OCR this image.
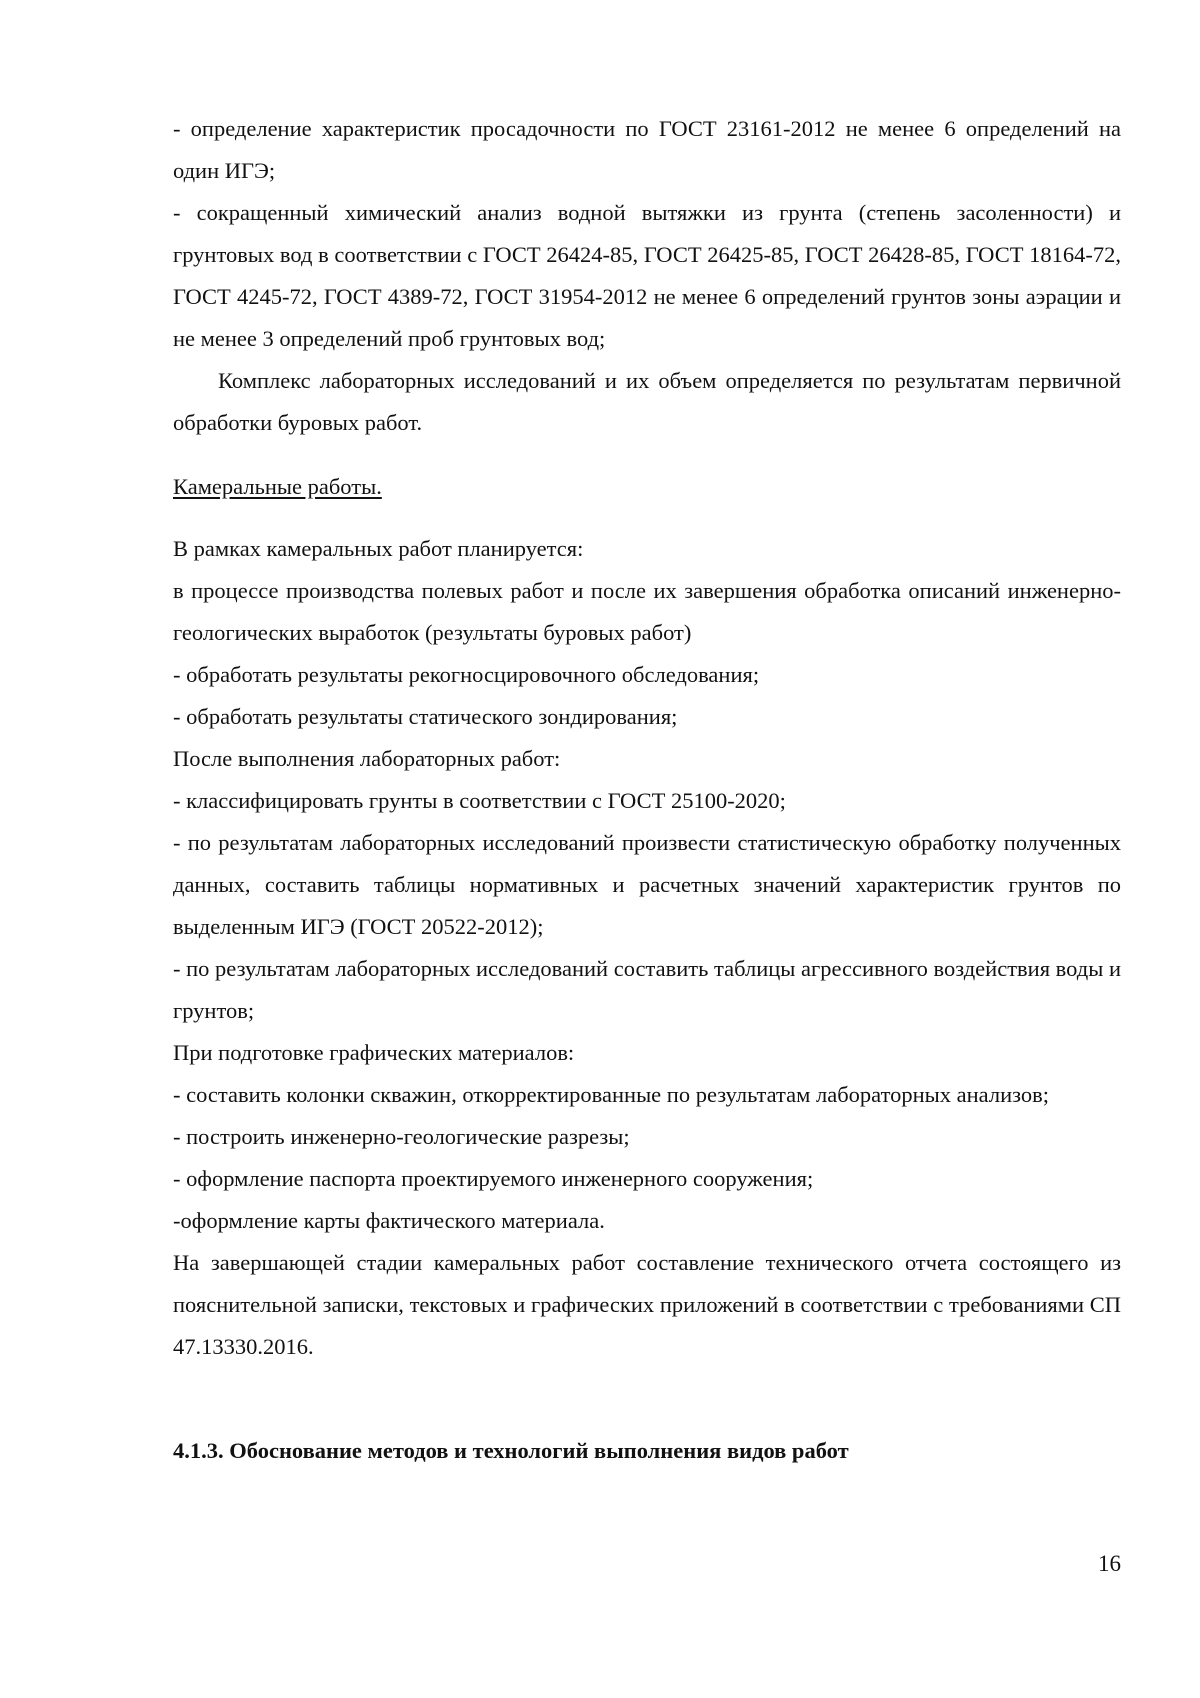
- определение характеристик просадочности по ГОСТ 23161-2012 не менее 6 определений на один ИГЭ;

- сокращенный химический анализ водной вытяжки из грунта (степень засоленности) и грунтовых вод в соответствии с ГОСТ 26424-85, ГОСТ 26425-85, ГОСТ 26428-85, ГОСТ 18164-72, ГОСТ 4245-72, ГОСТ 4389-72, ГОСТ 31954-2012 не менее 6 определений грунтов зоны аэрации и не менее 3 определений проб грунтовых вод;

Комплекс лабораторных исследований и их объем определяется по результатам первичной обработки буровых работ.

Камеральные работы.

В рамках камеральных работ планируется:

в процессе производства полевых работ и после их завершения обработка описаний инженерно-геологических выработок (результаты буровых работ)

- обработать результаты рекогносцировочного обследования;

- обработать результаты статического зондирования;

После выполнения лабораторных работ:

- классифицировать грунты в соответствии с ГОСТ 25100-2020;

- по результатам лабораторных исследований произвести статистическую обработку полученных данных, составить таблицы нормативных и расчетных значений характеристик грунтов по выделенным ИГЭ (ГОСТ 20522-2012);

- по результатам лабораторных исследований составить таблицы агрессивного воздействия воды и грунтов;

При подготовке графических материалов:

- составить колонки скважин, откорректированные по результатам лабораторных анализов;

- построить инженерно-геологические разрезы;

- оформление паспорта проектируемого инженерного сооружения;

-оформление карты фактического материала.

На завершающей стадии камеральных работ составление технического отчета состоящего из пояснительной записки, текстовых и графических приложений в соответствии с требованиями СП 47.13330.2016.

4.1.3. Обоснование методов и технологий выполнения видов работ

16
